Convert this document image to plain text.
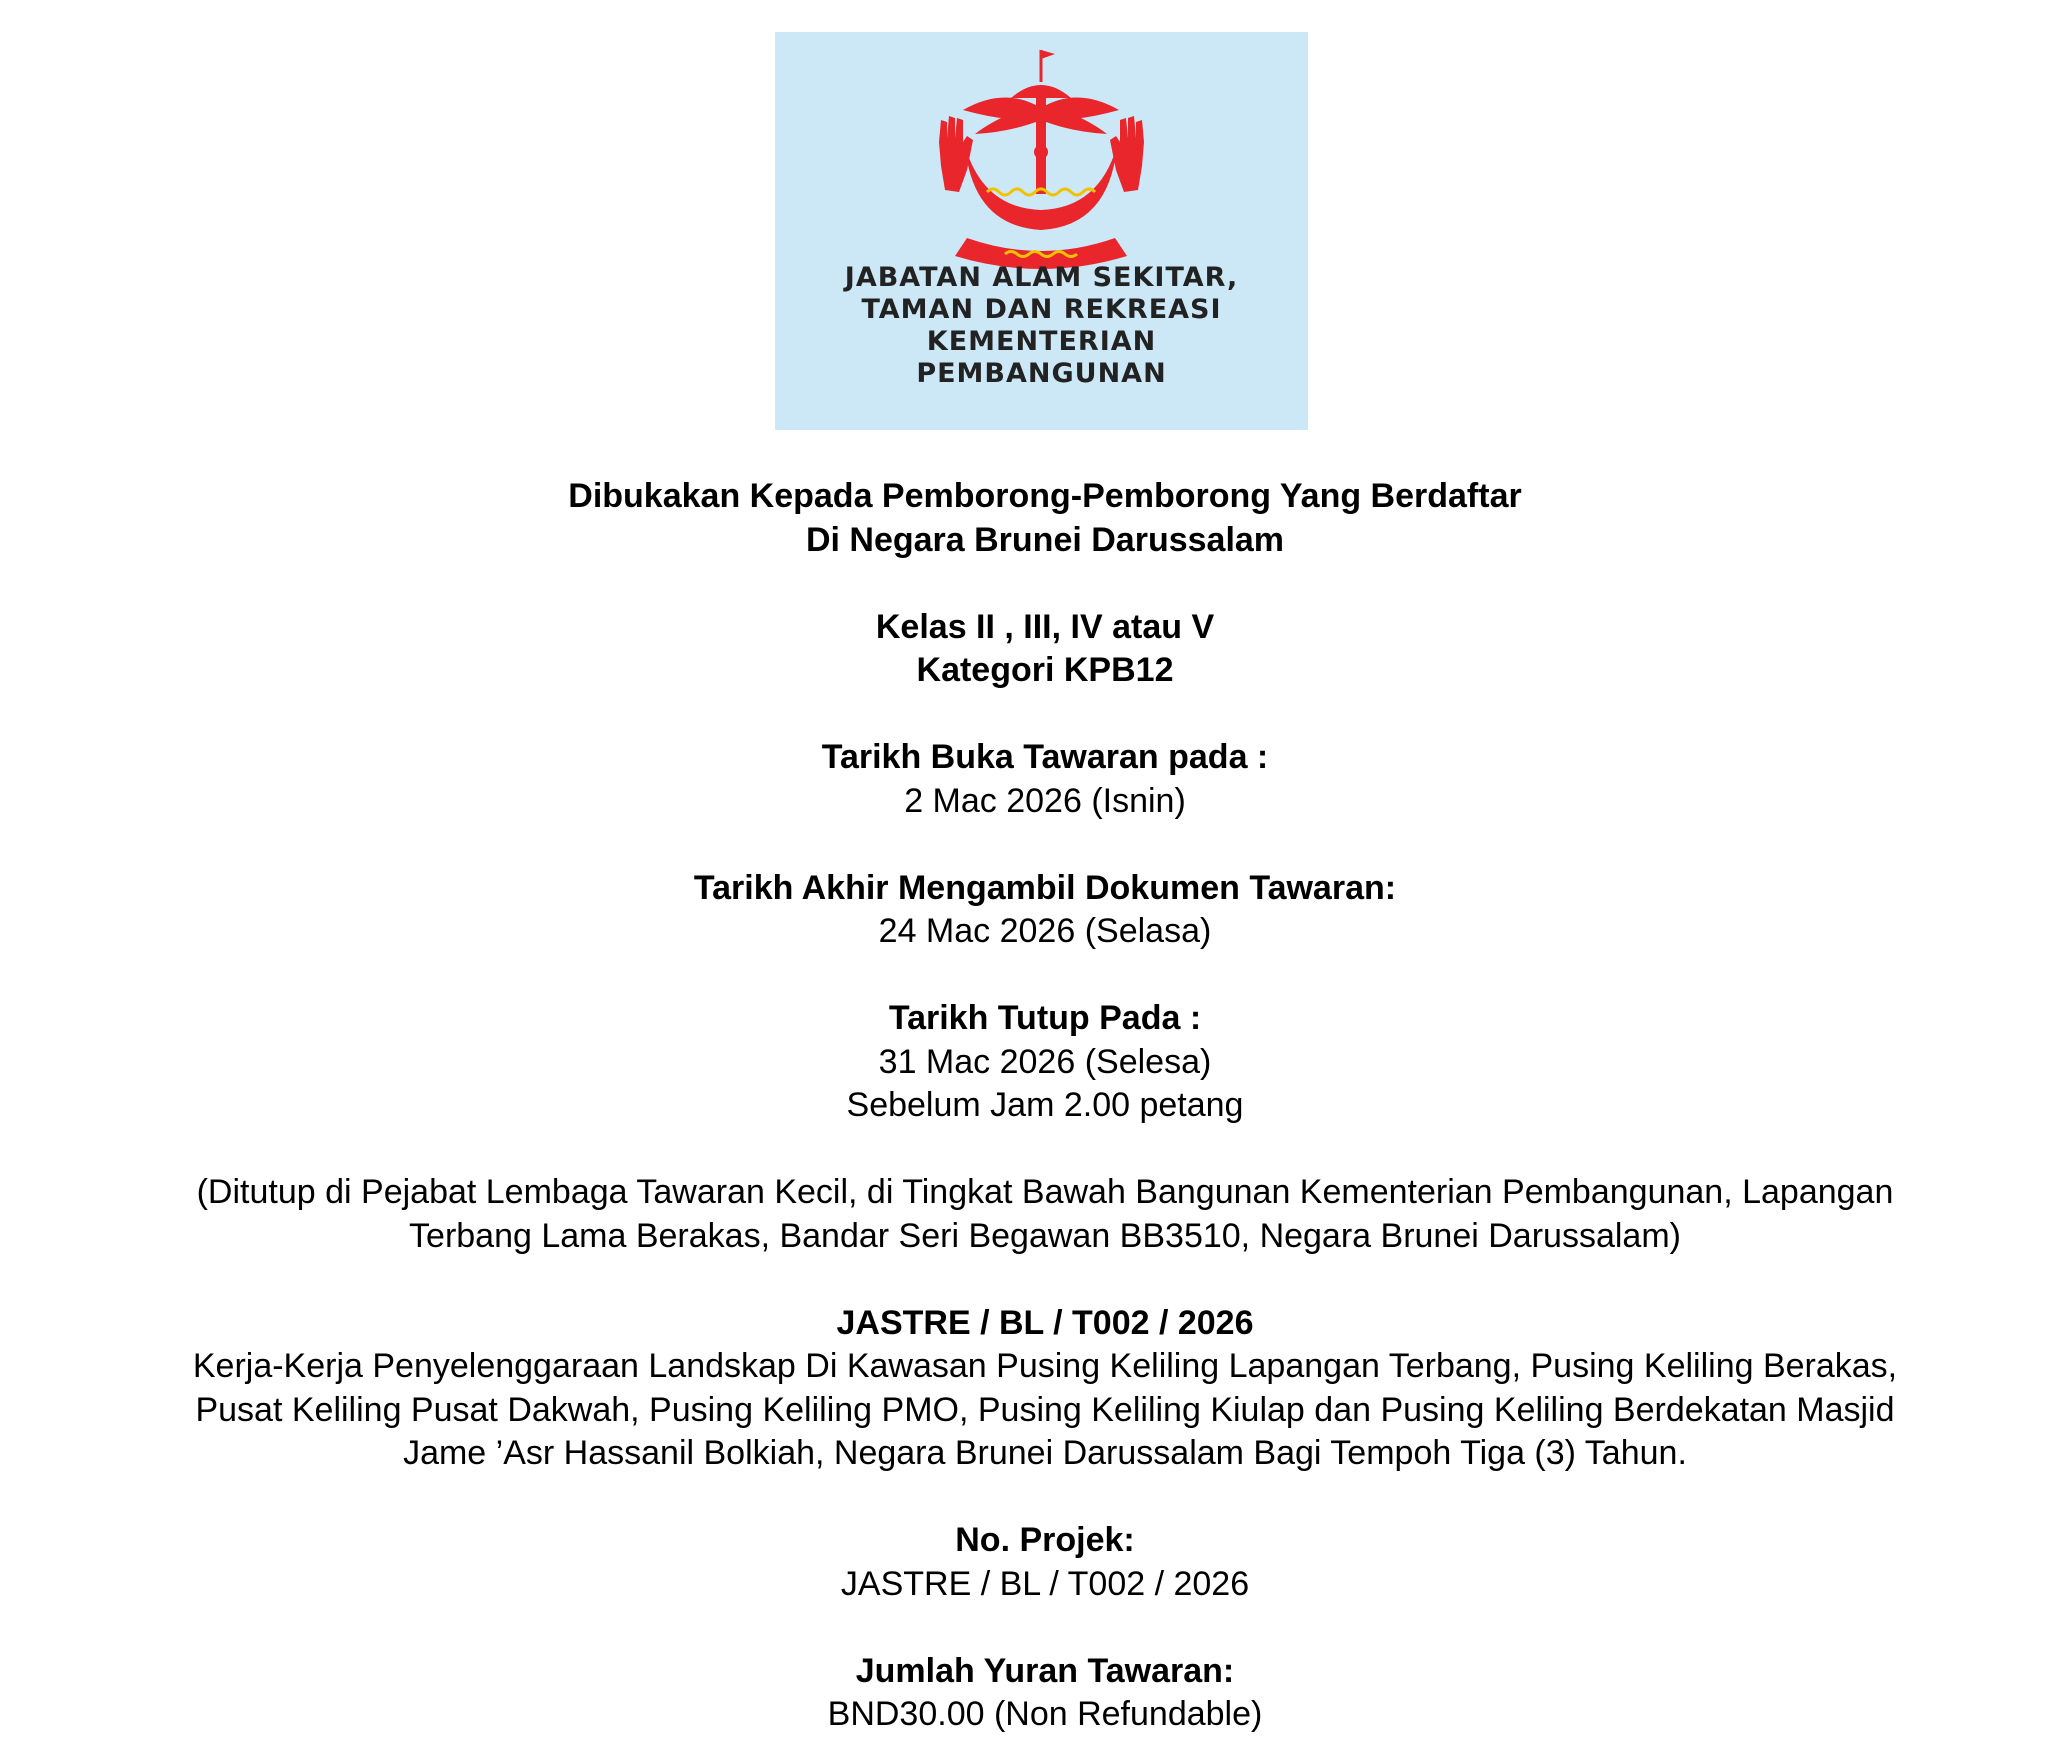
JABATAN ALAM SEKITAR,
TAMAN DAN REKREASI
KEMENTERIAN
PEMBANGUNAN
Dibukakan Kepada Pemborong-Pemborong Yang Berdaftar
Di Negara Brunei Darussalam
Kelas II , III, IV atau V
Kategori KPB12
Tarikh Buka Tawaran pada :
2 Mac 2026 (Isnin)
Tarikh Akhir Mengambil Dokumen Tawaran:
24 Mac 2026 (Selasa)
Tarikh Tutup Pada :
31 Mac 2026 (Selesa)
Sebelum Jam 2.00 petang
(Ditutup di Pejabat Lembaga Tawaran Kecil, di Tingkat Bawah Bangunan Kementerian Pembangunan, Lapangan
Terbang Lama Berakas, Bandar Seri Begawan BB3510, Negara Brunei Darussalam)
JASTRE / BL / T002 / 2026
Kerja-Kerja Penyelenggaraan Landskap Di Kawasan Pusing Keliling Lapangan Terbang, Pusing Keliling Berakas,
Pusat Keliling Pusat Dakwah, Pusing Keliling PMO, Pusing Keliling Kiulap dan Pusing Keliling Berdekatan Masjid
Jame ’Asr Hassanil Bolkiah, Negara Brunei Darussalam Bagi Tempoh Tiga (3) Tahun.
No. Projek:
JASTRE / BL / T002 / 2026
Jumlah Yuran Tawaran:
BND30.00 (Non Refundable)
